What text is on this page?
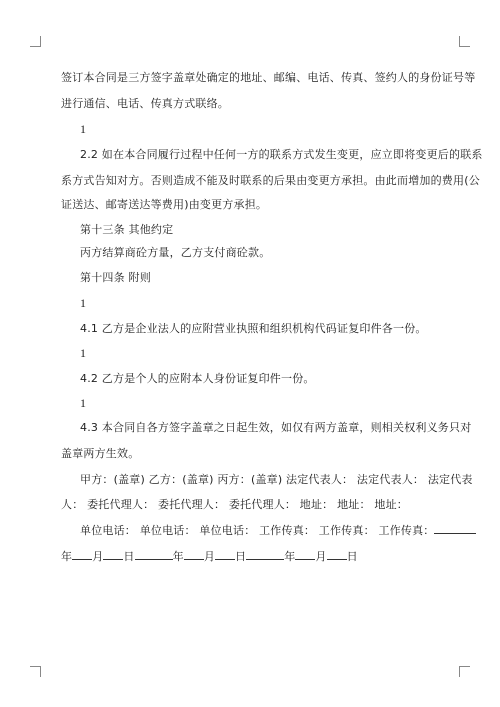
签订本合同是三方签字盖章处确定的地址、邮编、电话、传真、签约人的身份证号等
进行通信、电话、传真方式联络。
1
2.2 如在本合同履行过程中任何一方的联系方式发生变更，应立即将变更后的联系
系方式告知对方。否则造成不能及时联系的后果由变更方承担。由此而增加的费用(公
证送达、邮寄送达等费用)由变更方承担。
第十三条 其他约定
丙方结算商砼方量，乙方支付商砼款。
第十四条 附则
1
4.1 乙方是企业法人的应附营业执照和组织机构代码证复印件各一份。
1
4.2 乙方是个人的应附本人身份证复印件一份。
1
4.3 本合同自各方签字盖章之日起生效，如仅有两方盖章，则相关权利义务只对
盖章两方生效。
甲方：(盖章) 乙方：(盖章) 丙方：(盖章) 法定代表人： 法定代表人： 法定代表
人： 委托代理人： 委托代理人： 委托代理人： 地址： 地址： 地址：
单位电话： 单位电话： 单位电话： 工作传真： 工作传真： 工作传真：
年 月 日	年 月 日	年 月 日
